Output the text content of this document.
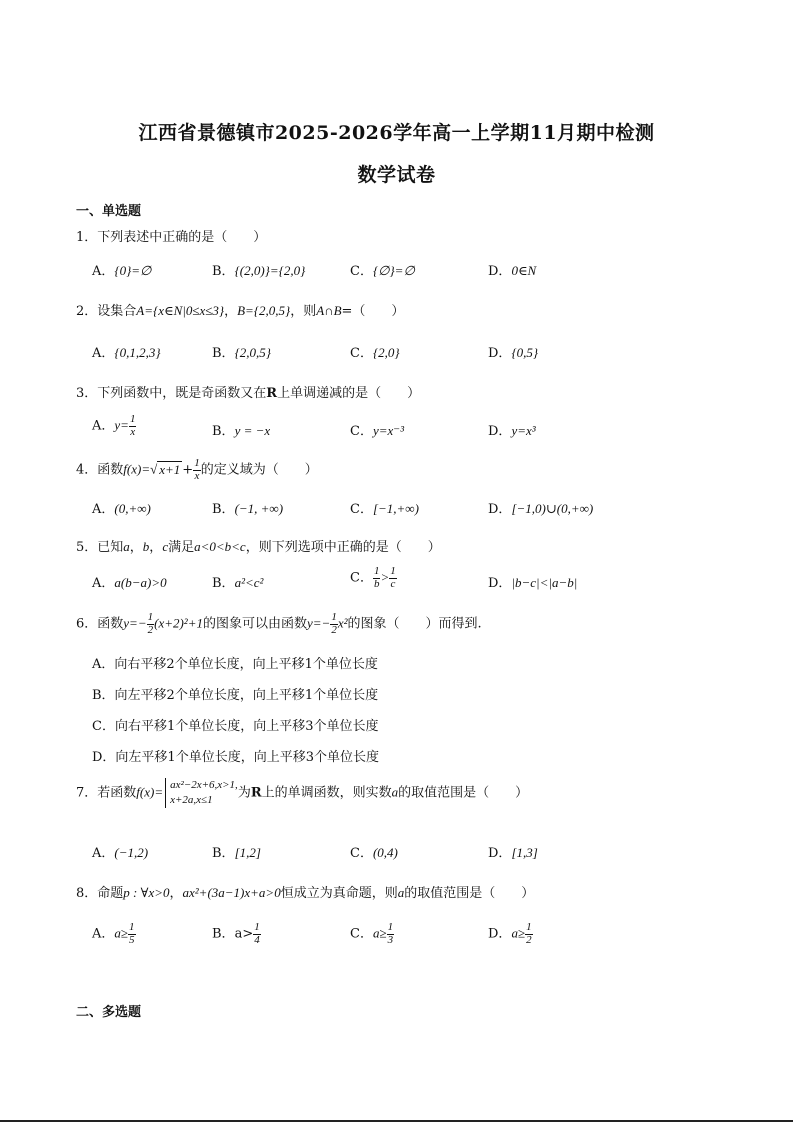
江西省景德镇市2025-2026学年高一上学期11月期中检测
数学试卷
一、单选题
1．下列表述中正确的是（　　）
A．{0}=∅	B．{(2,0)}={2,0}	C．{∅}=∅	D．0∈N
2．设集合A={x∈N|0≤x≤3}，B={2,0,5}，则A∩B=（　　）
A．{0,1,2,3}	B．{2,0,5}	C．{2,0}	D．{0,5}
3．下列函数中，既是奇函数又在R上单调递减的是（　　）
A．$y= \frac{1}{x}$	B．y = −x	C．y=x⁻³	D．y=x³
4．函数f(x)=√ $x+1 + \frac{1}{x}$ 的定义域为（　　）
A．(0,+∞)	B．(−1, +∞)	C．[−1,+∞)	D．[−1,0)∪(0,+∞)
5．已知a，b，c满足a<0<b<c，则下列选项中正确的是（　　）
A．a(b−a)>0	B．a²<c²	C． $\frac{1}{b} > \frac{1}{c}$	D．|b−c|<|a−b|
6．函数$y=- \frac{1}{2} (x+2)^2+1$的图象可以由函数$y=- \frac{1}{2} x^2$的图象（　　）而得到.
A．向右平移2个单位长度，向上平移1个单位长度
B．向左平移2个单位长度，向上平移1个单位长度
C．向右平移1个单位长度，向上平移3个单位长度
D．向左平移1个单位长度，向上平移3个单位长度
7．若函数f(x)= ax²−2x+6,x>1,
x+2a,x≤1	为R上的单调函数，则实数a的取值范围是（　　）
A．(−1,2)	B．[1,2]	C．(0,4)	D．[1,3]
8．命题p : ∀x>0，ax²+(3a−1)x+a>0恒成立为真命题，则a的取值范围是（　　）
A．$a\ge \frac{1}{5}$	B．$a> \frac{1}{4}$	C．$a\ge \frac{1}{3}$	D．$a\ge \frac{1}{2}$
二、多选题
